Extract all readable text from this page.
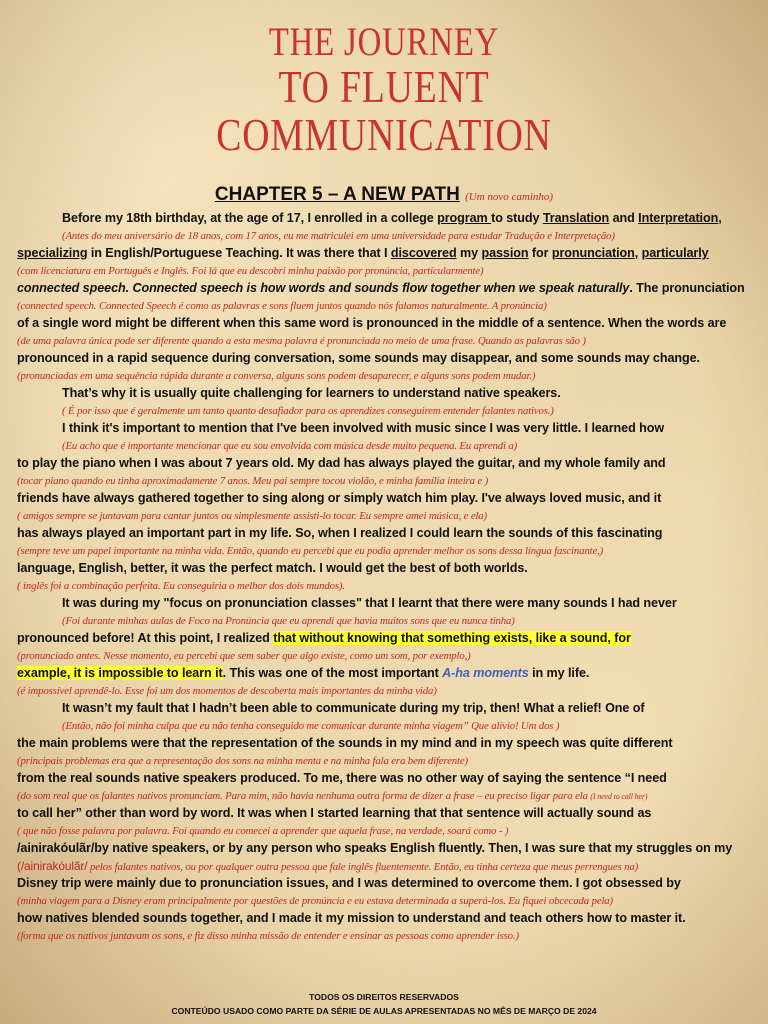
THE JOURNEY
TO FLUENT
COMMUNICATION
CHAPTER 5 – A NEW PATH (Um novo caminho)
Before my 18th birthday, at the age of 17, I enrolled in a college program to study Translation and Interpretation,
(Antes do meu aniversário de 18 anos, com 17 anos, eu me matriculei em uma universidade para estudar Tradução e Interpretação)
specializing in English/Portuguese Teaching. It was there that I discovered my passion for pronunciation, particularly
(com licenciatura em Português e Inglês. Foi lá que eu descobri minha paixão por pronúncia, particularmente)
connected speech. Connected speech is how words and sounds flow together when we speak naturally. The pronunciation
(connected speech. Connected Speech é como as palavras e sons fluem juntos quando nós falamos naturalmente. A pronúncia)
of a single word might be different when this same word is pronounced in the middle of a sentence. When the words are
(de uma palavra única pode ser diferente quando a esta mesma palavra é pronunciada no meio de uma frase. Quando as palavras são )
pronounced in a rapid sequence during conversation, some sounds may disappear, and some sounds may change.
(pronunciadas em uma sequência rápida durante a conversa, alguns sons podem desaparecer, e alguns sons podem mudar.)
That’s why it is usually quite challenging for learners to understand native speakers.
( É por isso que é geralmente um tanto quanto desafiador para os aprendizes conseguirem entender falantes nativos.)
I think it's important to mention that I've been involved with music since I was very little. I learned how
(Eu acho que é importante mencionar que eu sou envolvida com música desde muito pequena. Eu aprendi a)
to play the piano when I was about 7 years old. My dad has always played the guitar, and my whole family and
(tocar piano quando eu tinha aproximadamente 7 anos. Meu pai sempre tocou violão, e minha família inteira e )
friends have always gathered together to sing along or simply watch him play. I've always loved music, and it
( amigos sempre se juntavam para cantar juntos ou simplesmente assisti-lo tocar. Eu sempre amei música, e ela)
has always played an important part in my life. So, when I realized I could learn the sounds of this fascinating
(sempre teve um papel importante na minha vida. Então, quando eu percebi que eu podia aprender melhor os sons dessa língua fascinante,)
language, English, better, it was the perfect match. I would get the best of both worlds.
( inglês foi a combinação perfeita. Eu conseguiria o melhor dos dois mundos).
It was during my "focus on pronunciation classes" that I learnt that there were many sounds I had never
(Foi durante minhas aulas de Foco na Pronúncia que eu aprendi que havia muitos sons que eu nunca tinha)
pronounced before! At this point, I realized that without knowing that something exists, like a sound, for
(pronunciado antes. Nesse momento, eu percebi que sem saber que algo existe, como um som, por exemplo,)
example, it is impossible to learn it. This was one of the most important A-ha moments in my life.
(é impossível aprendê-lo. Esse foi um dos momentos de descoberta mais importantes da minha vida)
It wasn’t my fault that I hadn’t been able to communicate during my trip, then! What a relief! One of
(Então, não foi minha culpa que eu não tenha conseguido me comunicar durante minha viagem” Que alívio! Um dos )
the main problems were that the representation of the sounds in my mind and in my speech was quite different
(principais problemas era que a representação dos sons na minha menta e na minha fala era bem diferente)
from the real sounds native speakers produced. To me, there was no other way of saying the sentence “I need
(do som real que os falantes nativos pronunciam. Para mim, não havia nenhuma outra forma de dizer a frase – eu preciso ligar para ela (I need to call her)
to call her” other than word by word. It was when I started learning that that sentence will actually sound as
( que não fosse palavra por palavra. Foi quando eu comecei a aprender que aquela frase, na verdade, soará como - )
/ainirakóulãr/by native speakers, or by any person who speaks English fluently. Then, I was sure that my struggles on my
(/ainirakóulãr/ pelos falantes nativos, ou por qualquer outra pessoa que fale inglês fluentemente. Então, eu tinha certeza que meus perrengues na)
Disney trip were mainly due to pronunciation issues, and I was determined to overcome them. I got obsessed by
(minha viagem para a Disney eram principalmente por questões de pronúncia e eu estava determinada a superá-los. Eu fiquei obcecada pela)
how natives blended sounds together, and I made it my mission to understand and teach others how to master it.
(forma que os nativos juntavam os sons, e fiz disso minha missão de entender e ensinar as pessoas como aprender isso.)
TODOS OS DIREITOS RESERVADOS
CONTEÚDO USADO COMO PARTE DA SÉRIE DE AULAS APRESENTADAS NO MÊS DE MARÇO DE 2024
